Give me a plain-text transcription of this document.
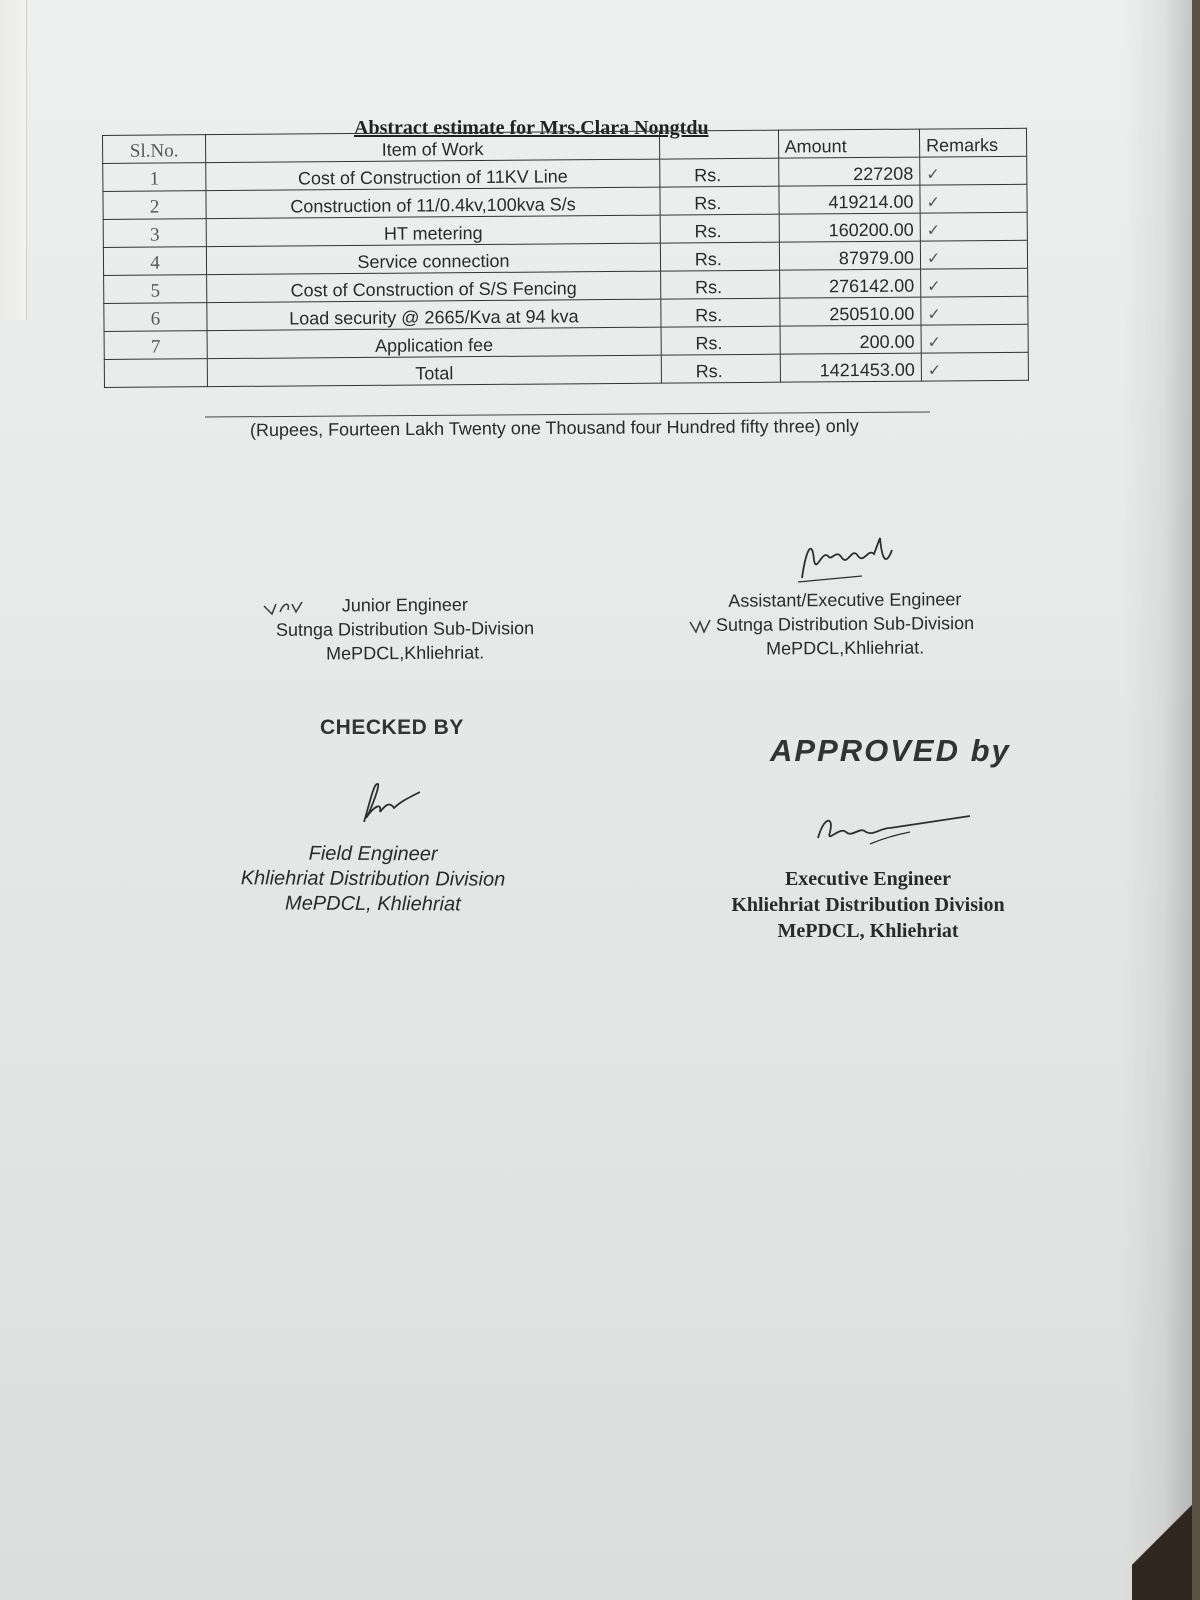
Abstract estimate for Mrs.Clara Nongtdu
Sl.No.	Item of Work		Amount	Remarks
1	Cost of Construction of 11KV Line	Rs.	227208	✓
2	Construction of 11/0.4kv,100kva S/s	Rs.	419214.00	✓
3	HT metering	Rs.	160200.00	✓
4	Service connection	Rs.	87979.00	✓
5	Cost of Construction of S/S Fencing	Rs.	276142.00	✓
6	Load security @ 2665/Kva at 94 kva	Rs.	250510.00	✓
7	Application fee	Rs.	200.00	✓
	Total	Rs.	1421453.00	✓
(Rupees, Fourteen Lakh Twenty one Thousand four Hundred fifty three) only
Junior Engineer
Sutnga Distribution Sub-Division
MePDCL,Khliehriat.
Assistant/Executive Engineer
Sutnga Distribution Sub-Division
MePDCL,Khliehriat.
CHECKED BY
Field Engineer
Khliehriat Distribution Division
MePDCL, Khliehriat
APPROVED by
Executive Engineer
Khliehriat Distribution Division
MePDCL, Khliehriat
